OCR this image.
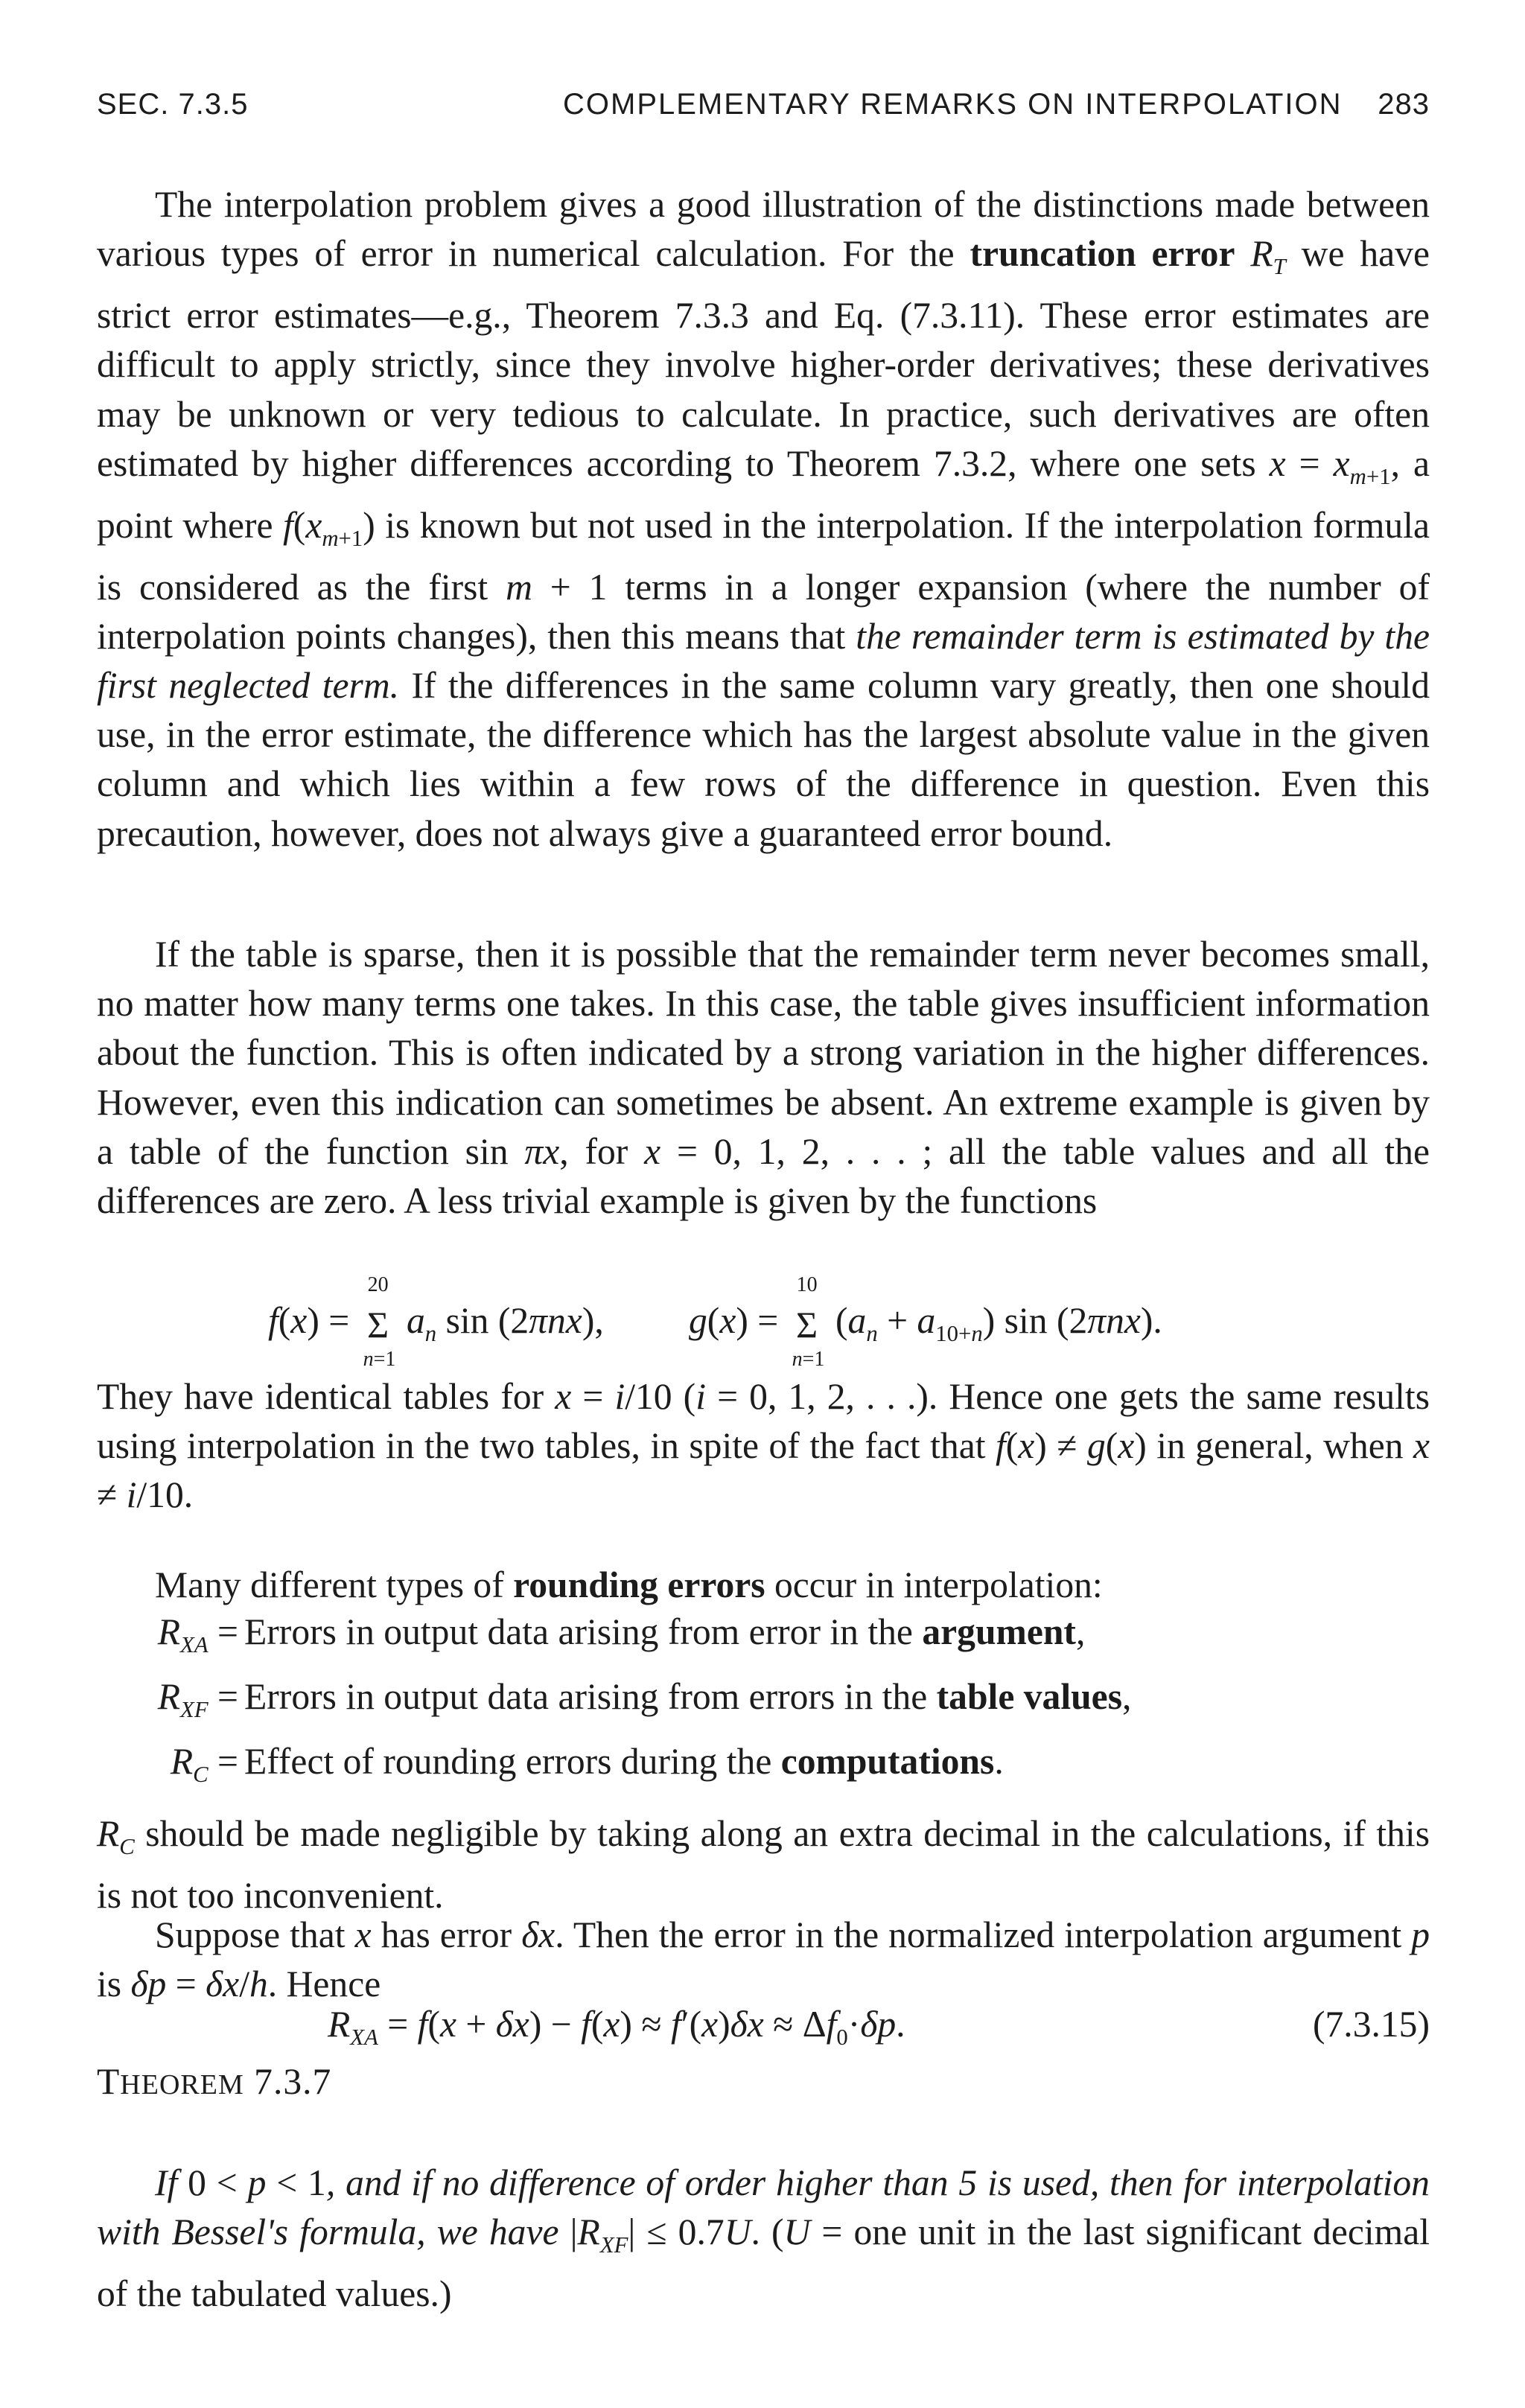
SEC. 7.3.5	COMPLEMENTARY REMARKS ON INTERPOLATION 283

The interpolation problem gives a good illustration of the distinctions made between various types of error in numerical calculation. For the truncation error $R_T$ we have strict error estimates—e.g., Theorem 7.3.3 and Eq. (7.3.11). These error estimates are difficult to apply strictly, since they involve higher-order derivatives; these derivatives may be unknown or very tedious to calculate. In practice, such derivatives are often estimated by higher differences according to Theorem 7.3.2, where one sets $x = x_{m+1}$, a point where $f(x_{m+1})$ is known but not used in the interpolation. If the interpolation formula is considered as the first m + 1 terms in a longer expansion (where the number of interpolation points changes), then this means that the remainder term is estimated by the first neglected term. If the differences in the same column vary greatly, then one should use, in the error estimate, the difference which has the largest absolute value in the given column and which lies within a few rows of the difference in question. Even this precaution, however, does not always give a guaranteed error bound.

If the table is sparse, then it is possible that the remainder term never becomes small, no matter how many terms one takes. In this case, the table gives insufficient information about the function. This is often indicated by a strong variation in the higher differences. However, even this indication can sometimes be absent. An extreme example is given by a table of the function sin πx, for x = 0, 1, 2, . . . ; all the table values and all the differences are zero. A less trivial example is given by the functions

f(x) =
20
Σ
n=1
$a_n$ sin (2πnx), g(x) =
10
Σ
n=1
$(a_n + a_{10+n})$ sin (2πnx).

They have identical tables for x = i/10 (i = 0, 1, 2, . . .). Hence one gets the same results using interpolation in the two tables, in spite of the fact that f(x) ≠ g(x) in general, when x ≠ i/10.

Many different types of rounding errors occur in interpolation:

$R_{XA}$ = Errors in output data arising from error in the argument,
$R_{XF}$ = Errors in output data arising from errors in the table values,
$R_C$ = Effect of rounding errors during the computations.

$R_C$ should be made negligible by taking along an extra decimal in the calculations, if this is not too inconvenient.

Suppose that x has error δx. Then the error in the normalized interpolation argument p is δp = δx/h. Hence

$R_{XA} = f(x + \delta x) - f(x) \approx f'(x)\delta x \approx \Delta f_0\cdot\delta p$.	(7.3.15)
THEOREM 7.3.7

If 0 < p < 1, and if no difference of order higher than 5 is used, then for interpolation with Bessel's formula, we have $|R_{XF}| \le 0.7U$. (U = one unit in the last significant decimal of the tabulated values.)
